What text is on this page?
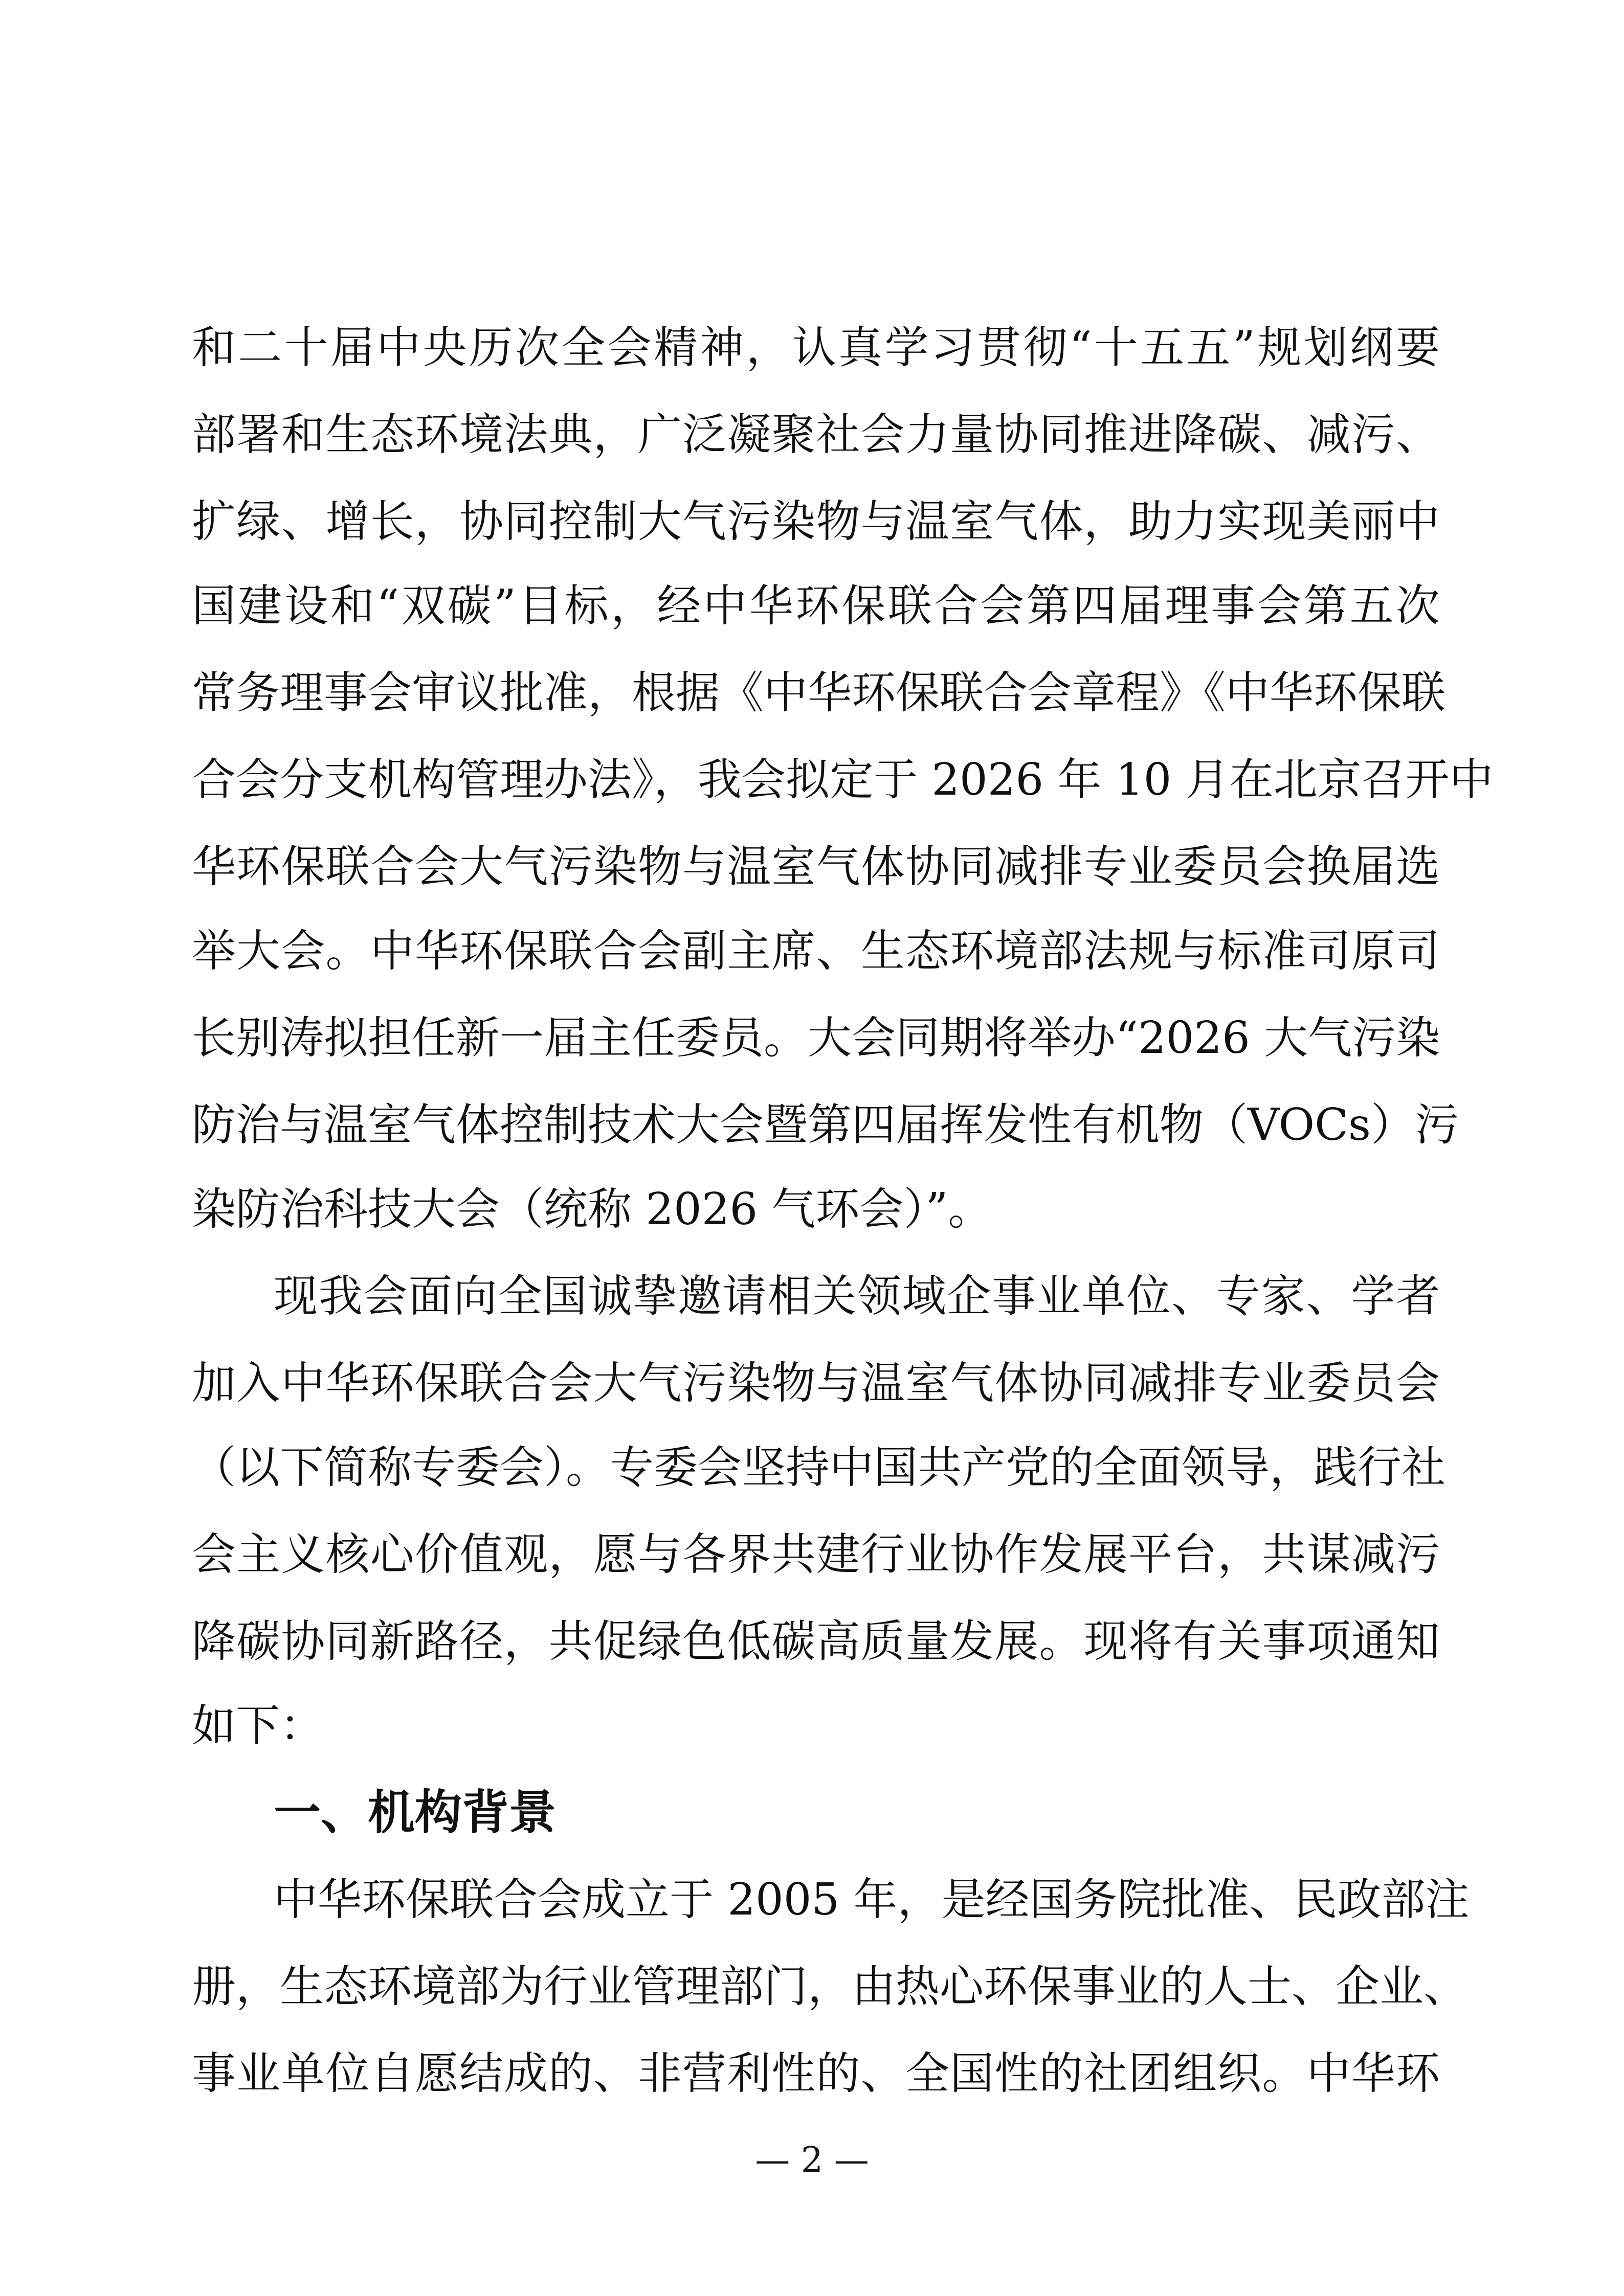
和二十届中央历次全会精神，认真学习贯彻“十五五”规划纲要
部署和生态环境法典，广泛凝聚社会力量协同推进降碳、减污、
扩绿、增长，协同控制大气污染物与温室气体，助力实现美丽中
国建设和“双碳”目标，经中华环保联合会第四届理事会第五次
常务理事会审议批准，根据《中华环保联合会章程》《中华环保联
合会分支机构管理办法》，我会拟定于 2026 年 10 月在北京召开中
华环保联合会大气污染物与温室气体协同减排专业委员会换届选
举大会。中华环保联合会副主席、生态环境部法规与标准司原司
长别涛拟担任新一届主任委员。大会同期将举办“2026 大气污染
防治与温室气体控制技术大会暨第四届挥发性有机物（VOCs）污
染防治科技大会（统称 2026 气环会）”。
现我会面向全国诚挚邀请相关领域企事业单位、专家、学者
加入中华环保联合会大气污染物与温室气体协同减排专业委员会
（以下简称专委会）。专委会坚持中国共产党的全面领导，践行社
会主义核心价值观，愿与各界共建行业协作发展平台，共谋减污
降碳协同新路径，共促绿色低碳高质量发展。现将有关事项通知
如下：
一、机构背景
中华环保联合会成立于 2005 年，是经国务院批准、民政部注
册，生态环境部为行业管理部门，由热心环保事业的人士、企业、
事业单位自愿结成的、非营利性的、全国性的社团组织。中华环
— 2 —
